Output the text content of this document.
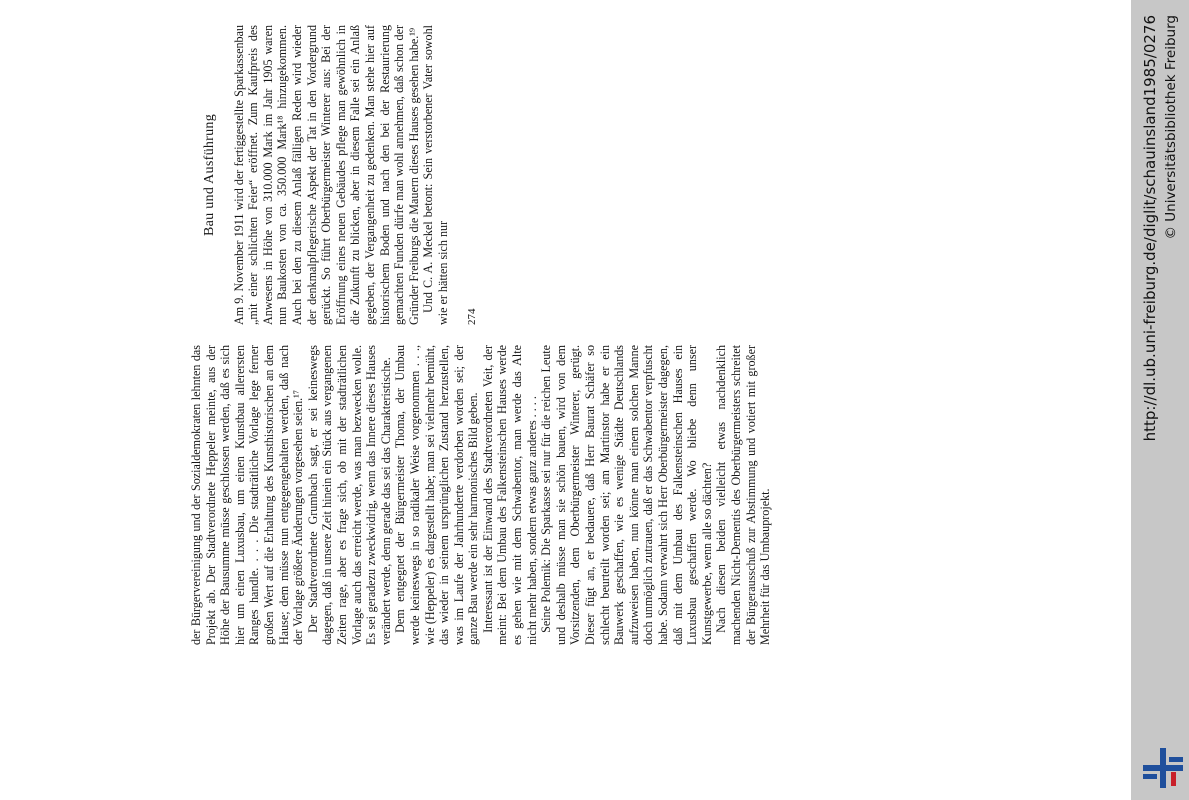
der Bürgervereinigung und der Sozialdemokraten lehnten das Projekt ab. Der Stadtverordnete Heppeler meinte, aus der Höhe der Bausumme müsse geschlossen werden, daß es sich hier um einen Luxusbau, um einen Kunstbau allerersten Ranges handle. . . . Die stadträtliche Vorlage lege ferner großen Wert auf die Erhaltung des Kunsthistorischen an dem Hause; dem müsse nun entgegengehalten werden, daß nach der Vorlage größere Änderungen vorgesehen seien.¹⁷ Der Stadtverordnete Grumbach sagt, er sei keineswegs dagegen, daß in unsere Zeit hinein ein Stück aus vergangenen Zeiten rage, aber es frage sich, ob mit der stadträtlichen Vorlage auch das erreicht werde, was man bezwecken wolle. Es sei geradezu zweckwidrig, wenn das Innere dieses Hauses verändert werde, denn gerade das sei das Charakteristische. Dem entgegnet der Bürgermeister Thoma, der Umbau werde keineswegs in so radikaler Weise vorgenommen . . ., wie (Heppeler) es dargestellt habe; man sei vielmehr bemüht, das wieder in seinem ursprünglichen Zustand herzustellen, was im Laufe der Jahrhunderte verdorben worden sei; der ganze Bau werde ein sehr harmonisches Bild geben. Interessant ist der Einwand des Stadtverordneten Veit, der meint: Bei dem Umbau des Falkensteinschen Hauses werde es gehen wie mit dem Schwabentor, man werde das Alte nicht mehr haben, sondern etwas ganz anderes . . . . Seine Polemik: Die Sparkasse sei nur für die reichen Leute und deshalb müsse man sie schön bauen, wird von dem Vorsitzenden, dem Oberbürgermeister Winterer, gerügt. Dieser fügt an, er bedauere, daß Herr Baurat Schäfer so schlecht beurteilt worden sei; am Martinstor habe er ein Bauwerk geschaffen, wie es wenige Städte Deutschlands aufzuweisen haben, nun könne man einem solchen Manne doch unmöglich zutrauen, daß er das Schwabentor verpfuscht habe. Sodann verwahrt sich Herr Oberbürgermeister dagegen, daß mit dem Umbau des Falkensteinschen Hauses ein Luxusbau geschaffen werde. Wo bliebe denn unser Kunstgewerbe, wenn alle so dächten? Nach diesen beiden vielleicht etwas nachdenklich machenden Nicht-Dementis des Oberbürgermeisters schreitet der Bürgerausschuß zur Abstimmung und votiert mit großer Mehrheit für das Umbauprojekt.

Bau und Ausführung Am 9. November 1911 wird der fertiggestellte Sparkassenbau „mit einer schlichten Feier“ eröffnet. Zum Kaufpreis des Anwesens in Höhe von 310.000 Mark im Jahr 1905 waren nun Baukosten von ca. 350.000 Mark¹⁸ hinzugekommen. Auch bei den zu diesem Anlaß fälligen Reden wird wieder der denkmalpflegerische Aspekt der Tat in den Vordergrund gerückt. So führt Oberbürgermeister Winterer aus: Bei der Eröffnung eines neuen Gebäudes pflege man gewöhnlich in die Zukunft zu blicken, aber in diesem Falle sei ein Anlaß gegeben, der Vergangenheit zu gedenken. Man stehe hier auf historischem Boden und nach den bei der Restaurierung gemachten Funden dürfe man wohl annehmen, daß schon der Gründer Freiburgs die Mauern dieses Hauses gesehen habe.¹⁹ Und C. A. Meckel betont: Sein verstorbener Vater sowohl wie er hätten sich nur 274	http://dl.ub.uni-freiburg.de/diglit/schauinsland1985/0276 © Universitätsbibliothek Freiburg
